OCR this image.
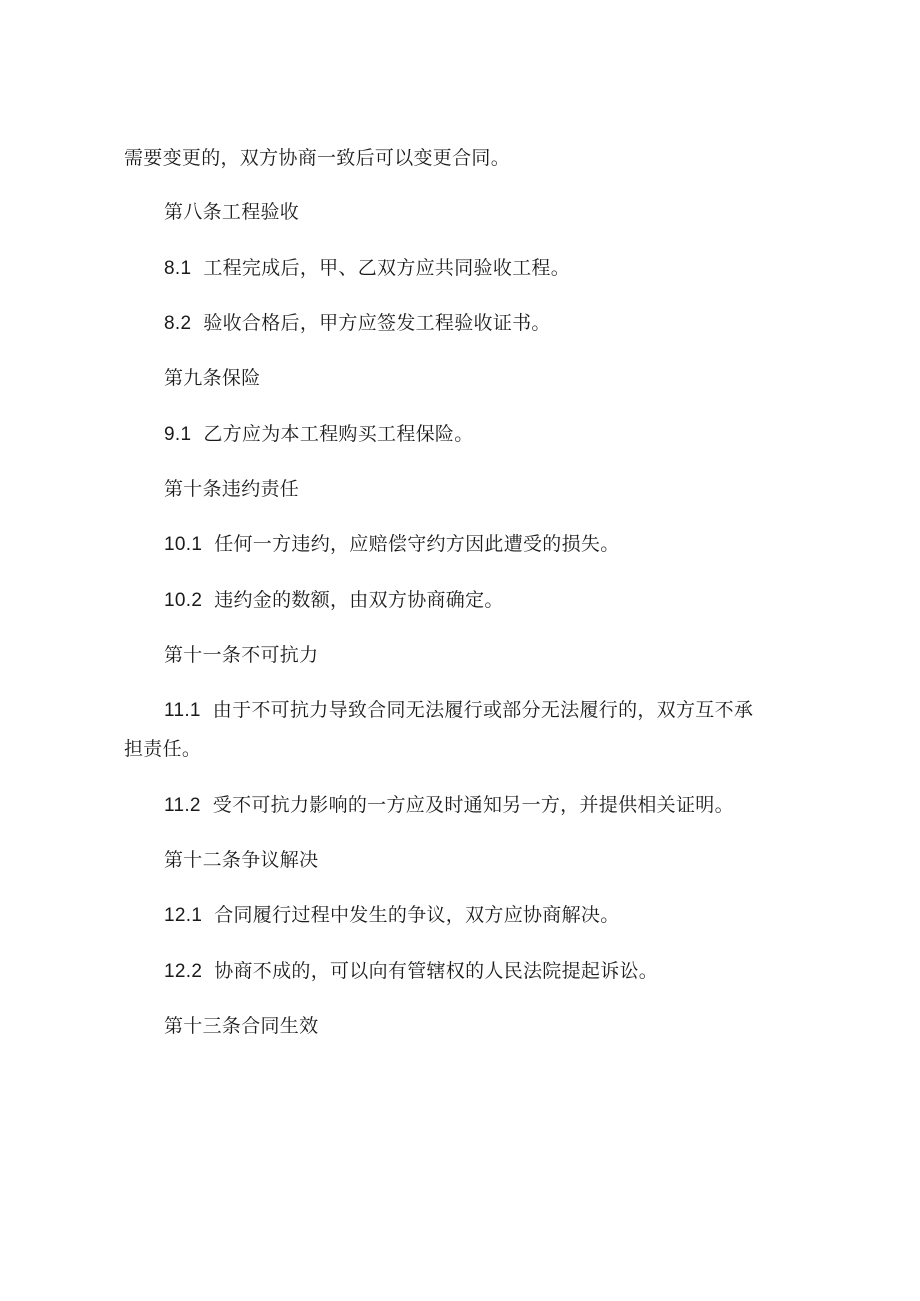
需要变更的，双方协商一致后可以变更合同。
第八条工程验收
8.1 工程完成后，甲、乙双方应共同验收工程。
8.2 验收合格后，甲方应签发工程验收证书。
第九条保险
9.1 乙方应为本工程购买工程保险。
第十条违约责任
10.1 任何一方违约，应赔偿守约方因此遭受的损失。
10.2 违约金的数额，由双方协商确定。
第十一条不可抗力
11.1 由于不可抗力导致合同无法履行或部分无法履行的，双方互不承
担责任。
11.2 受不可抗力影响的一方应及时通知另一方，并提供相关证明。
第十二条争议解决
12.1 合同履行过程中发生的争议，双方应协商解决。
12.2 协商不成的，可以向有管辖权的人民法院提起诉讼。
第十三条合同生效
